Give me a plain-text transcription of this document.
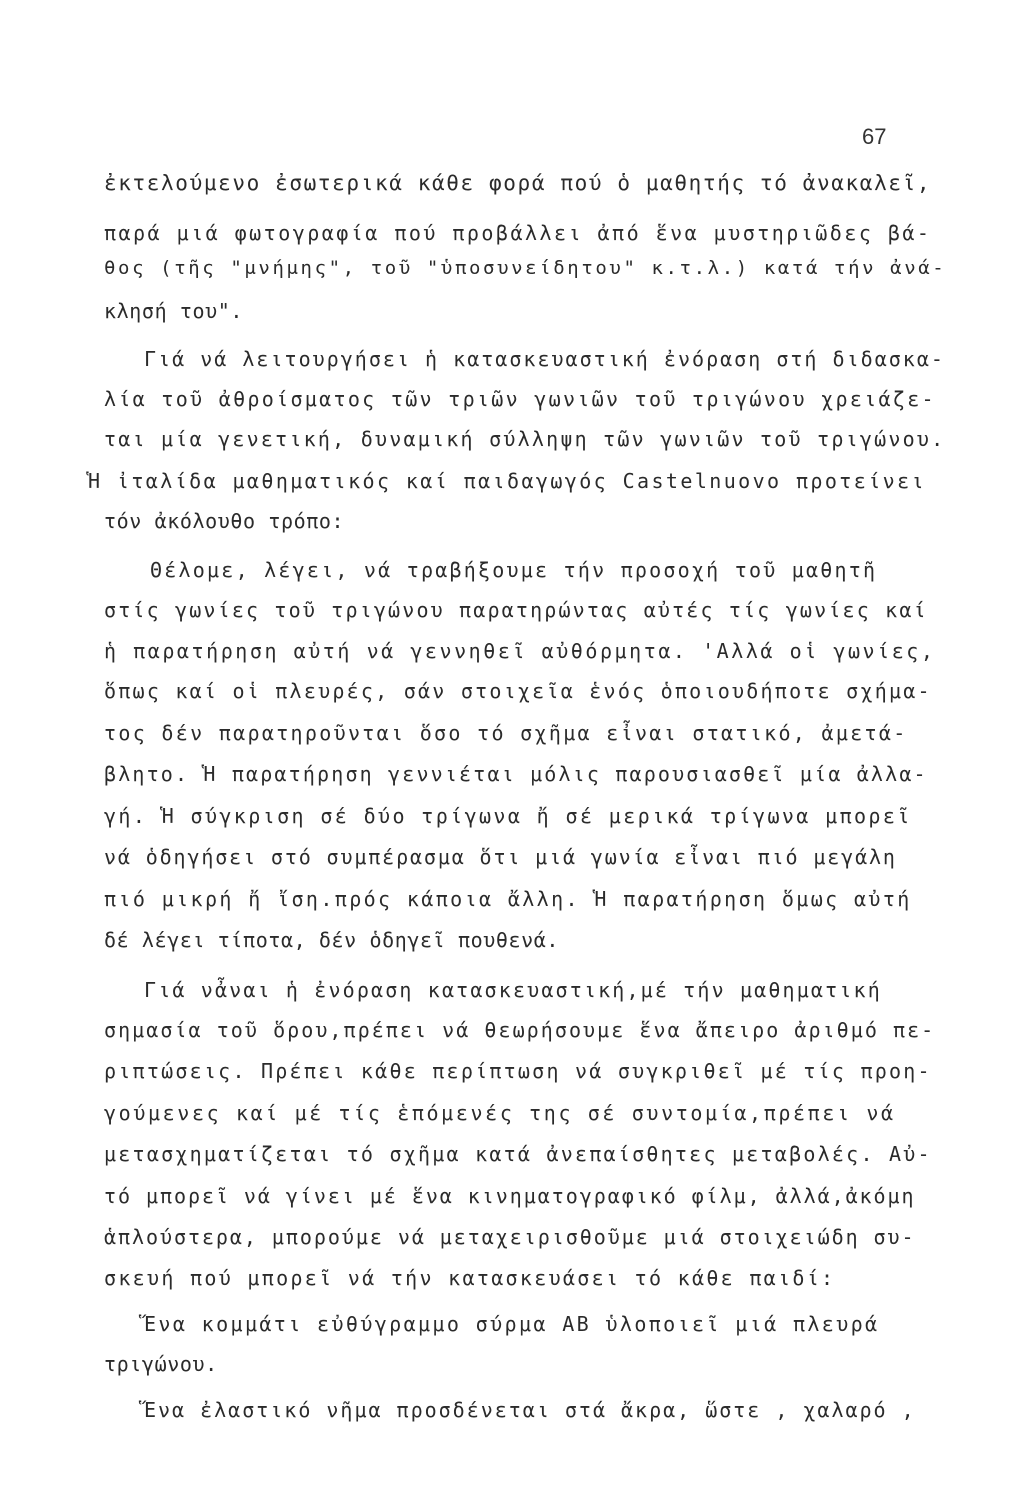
67
ἐκτελούμενο ἐσωτερικά κάθε φορά πού ὁ μαθητής τό ἀνακαλεῖ,
παρά μιά φωτογραφία πού προβάλλει ἀπό ἕνα μυστηριῶδες βά-
θος (τῆς "μνήμης", τοῦ "ὑποσυνείδητου" κ.τ.λ.) κατά τήν ἀνά-
κλησή του".
Γιά νά λειτουργήσει ἡ κατασκευαστική ἐνόραση στή διδασκα-
λία τοῦ ἀθροίσματος τῶν τριῶν γωνιῶν τοῦ τριγώνου χρειάζε-
ται μία γενετική, δυναμική σύλληψη τῶν γωνιῶν τοῦ τριγώνου.
Ἡ ἰταλίδα μαθηματικός καί παιδαγωγός Castelnuovo προτείνει
τόν ἀκόλουθο τρόπο:
Θέλομε, λέγει, νά τραβήξουμε τήν προσοχή τοῦ μαθητῆ
στίς γωνίες τοῦ τριγώνου παρατηρώντας αὐτές τίς γωνίες καί
ἡ παρατήρηση αὐτή νά γεννηθεῖ αὐθόρμητα. 'Αλλά οἱ γωνίες,
ὅπως καί οἱ πλευρές, σάν στοιχεῖα ἑνός ὁποιουδήποτε σχήμα-
τος δέν παρατηροῦνται ὅσο τό σχῆμα εἶναι στατικό, ἀμετά-
βλητο. Ἡ παρατήρηση γεννιέται μόλις παρουσιασθεῖ μία ἀλλα-
γή. Ἡ σύγκριση σέ δύο τρίγωνα ἤ σέ μερικά τρίγωνα μπορεῖ
νά ὁδηγήσει στό συμπέρασμα ὅτι μιά γωνία εἶναι πιό μεγάλη
πιό μικρή ἤ ἴση.πρός κάποια ἄλλη. Ἡ παρατήρηση ὅμως αὐτή
δέ λέγει τίποτα, δέν ὁδηγεῖ πουθενά.
Γιά νἆναι ἡ ἐνόραση κατασκευαστική,μέ τήν μαθηματική
σημασία τοῦ ὅρου,πρέπει νά θεωρήσουμε ἕνα ἄπειρο ἀριθμό πε-
ριπτώσεις. Πρέπει κάθε περίπτωση νά συγκριθεῖ μέ τίς προη-
γούμενες καί μέ τίς ἑπόμενές της σέ συντομία,πρέπει νά
μετασχηματίζεται τό σχῆμα κατά ἀνεπαίσθητες μεταβολές. Αὐ-
τό μπορεῖ νά γίνει μέ ἕνα κινηματογραφικό φίλμ, ἀλλά,ἀκόμη
ἁπλούστερα, μπορούμε νά μεταχειρισθοῦμε μιά στοιχειώδη συ-
σκευή πού μπορεῖ νά τήν κατασκευάσει τό κάθε παιδί:
Ἕνα κομμάτι εὐθύγραμμο σύρμα ΑΒ ὑλοποιεῖ μιά πλευρά
τριγώνου.
Ἕνα ἐλαστικό νῆμα προσδένεται στά ἄκρα, ὥστε , χαλαρό ,
